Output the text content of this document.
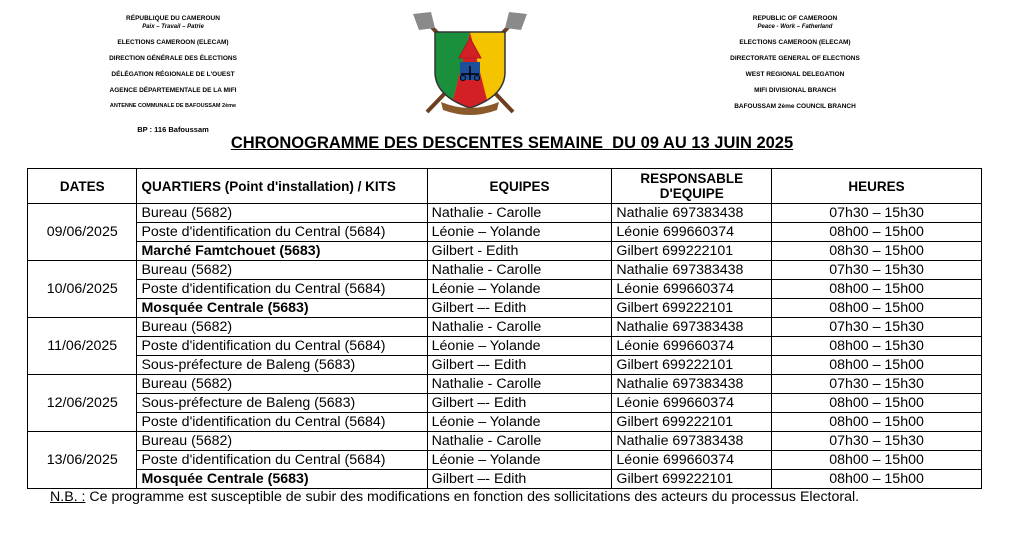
RÉPUBLIQUE DU CAMEROUN

Paix – Travail – Patrie

ELECTIONS CAMEROON (ELECAM)

DIRECTION GÉNÉRALE DES ÉLECTIONS

DÉLÉGATION RÉGIONALE DE L'OUEST

AGENCE DÉPARTEMENTALE DE LA MIFI

ANTENNE COMMUNALE DE BAFOUSSAM 2ème

BP : 116 Bafoussam

REPUBLIC OF CAMEROON

Peace - Work – Fatherland

ELECTIONS CAMEROON (ELECAM)

DIRECTORATE GENERAL OF ELECTIONS

WEST REGIONAL DELEGATION

MIFI DIVISIONAL BRANCH

BAFOUSSAM 2ème COUNCIL BRANCH

CHRONOGRAMME DES DESCENTES SEMAINE  DU 09 AU 13 JUIN 2025
DATES	QUARTIERS (Point d'installation) / KITS	EQUIPES	RESPONSABLE
D'EQUIPE	HEURES
09/06/2025	Bureau (5682)	Nathalie - Carolle	Nathalie 697383438	07h30 – 15h30
	Poste d'identification du Central (5684)	Léonie – Yolande	Léonie 699660374	08h00 – 15h00
	Marché Famtchouet (5683)	Gilbert - Edith	Gilbert 699222101	08h30 – 15h00
10/06/2025	Bureau (5682)	Nathalie - Carolle	Nathalie 697383438	07h30 – 15h30
	Poste d'identification du Central (5684)	Léonie – Yolande	Léonie 699660374	08h00 – 15h00
	Mosquée Centrale (5683)	Gilbert –- Edith	Gilbert 699222101	08h00 – 15h00
11/06/2025	Bureau (5682)	Nathalie - Carolle	Nathalie 697383438	07h30 – 15h30
	Poste d'identification du Central (5684)	Léonie – Yolande	Léonie 699660374	08h00 – 15h30
	Sous-préfecture de Baleng (5683)	Gilbert –- Edith	Gilbert 699222101	08h00 – 15h00
12/06/2025	Bureau (5682)	Nathalie - Carolle	Nathalie 697383438	07h30 – 15h30
	Sous-préfecture de Baleng (5683)	Gilbert –- Edith	Léonie 699660374	08h00 – 15h00
	Poste d'identification du Central (5684)	Léonie – Yolande	Gilbert 699222101	08h00 – 15h00
13/06/2025	Bureau (5682)	Nathalie - Carolle	Nathalie 697383438	07h30 – 15h30
	Poste d'identification du Central (5684)	Léonie – Yolande	Léonie 699660374	08h00 – 15h00
	Mosquée Centrale (5683)	Gilbert –- Edith	Gilbert 699222101	08h00 – 15h00
N.B. : Ce programme est susceptible de subir des modifications en fonction des sollicitations des acteurs du processus Electoral.
